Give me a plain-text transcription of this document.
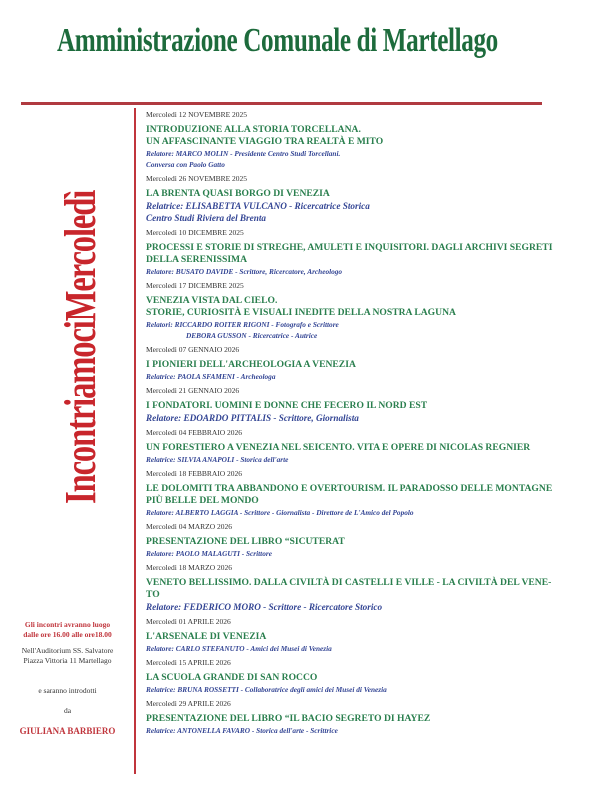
Amministrazione Comunale di Martellago
IncontriamociMercoledì
Gli incontri avranno luogo
dalle ore 16.00 alle ore18.00
Nell'Auditorium SS. Salvatore
Piazza Vittoria 11 Martellago
e saranno introdotti
da
GIULIANA BARBIERO
Mercoledì 12 NOVEMBRE 2025
INTRODUZIONE ALLA STORIA TORCELLANA.
UN AFFASCINANTE VIAGGIO TRA REALTÀ E MITO
Relatore: MARCO MOLIN - Presidente Centro Studi Torcellani.
Conversa con Paolo Gatto
Mercoledì 26 NOVEMBRE 2025
LA BRENTA QUASI BORGO DI VENEZIA
Relatrice: ELISABETTA VULCANO - Ricercatrice Storica
Centro Studi Riviera del Brenta
Mercoledì 10 DICEMBRE 2025
PROCESSI E STORIE DI STREGHE, AMULETI E INQUISITORI. DAGLI ARCHIVI SEGRETI
DELLA SERENISSIMA
Relatore: BUSATO DAVIDE - Scrittore, Ricercatore, Archeologo
Mercoledì 17 DICEMBRE 2025
VENEZIA VISTA DAL CIELO.
STORIE, CURIOSITÀ E VISUALI INEDITE DELLA NOSTRA LAGUNA
Relatori: RICCARDO ROITER RIGONI - Fotografo e Scrittore
DEBORA GUSSON - Ricercatrice - Autrice
Mercoledì 07 GENNAIO 2026
I PIONIERI DELL'ARCHEOLOGIA A VENEZIA
Relatrice: PAOLA SFAMENI - Archeologa
Mercoledì 21 GENNAIO 2026
I FONDATORI. UOMINI E DONNE CHE FECERO IL NORD EST
Relatore: EDOARDO PITTALIS - Scrittore, Giornalista
Mercoledì 04 FEBBRAIO 2026
UN FORESTIERO A VENEZIA NEL SEICENTO. VITA E OPERE DI NICOLAS REGNIER
Relatrice: SILVIA ANAPOLI - Storica dell'arte
Mercoledì 18 FEBBRAIO 2026
LE DOLOMITI TRA ABBANDONO E OVERTOURISM. IL PARADOSSO DELLE MONTAGNE
PIÙ BELLE DEL MONDO
Relatore: ALBERTO LAGGIA - Scrittore - Giornalista - Direttore de L'Amico del Popolo
Mercoledì 04 MARZO 2026
PRESENTAZIONE DEL LIBRO “SICUTERAT
Relatore: PAOLO MALAGUTI - Scrittore
Mercoledì 18 MARZO 2026
VENETO BELLISSIMO. DALLA CIVILTÀ DI CASTELLI E VILLE - LA CIVILTÀ DEL VENE-
TO
Relatore: FEDERICO MORO - Scrittore - Ricercatore Storico
Mercoledì 01 APRILE 2026
L'ARSENALE DI VENEZIA
Relatore: CARLO STEFANUTO - Amici dei Musei di Venezia
Mercoledì 15 APRILE 2026
LA SCUOLA GRANDE DI SAN ROCCO
Relatrice: BRUNA ROSSETTI - Collaboratrice degli amici dei Musei di Venezia
Mercoledì 29 APRILE 2026
PRESENTAZIONE DEL LIBRO “IL BACIO SEGRETO DI HAYEZ
Relatrice: ANTONELLA FAVARO - Storica dell'arte - Scrittrice
